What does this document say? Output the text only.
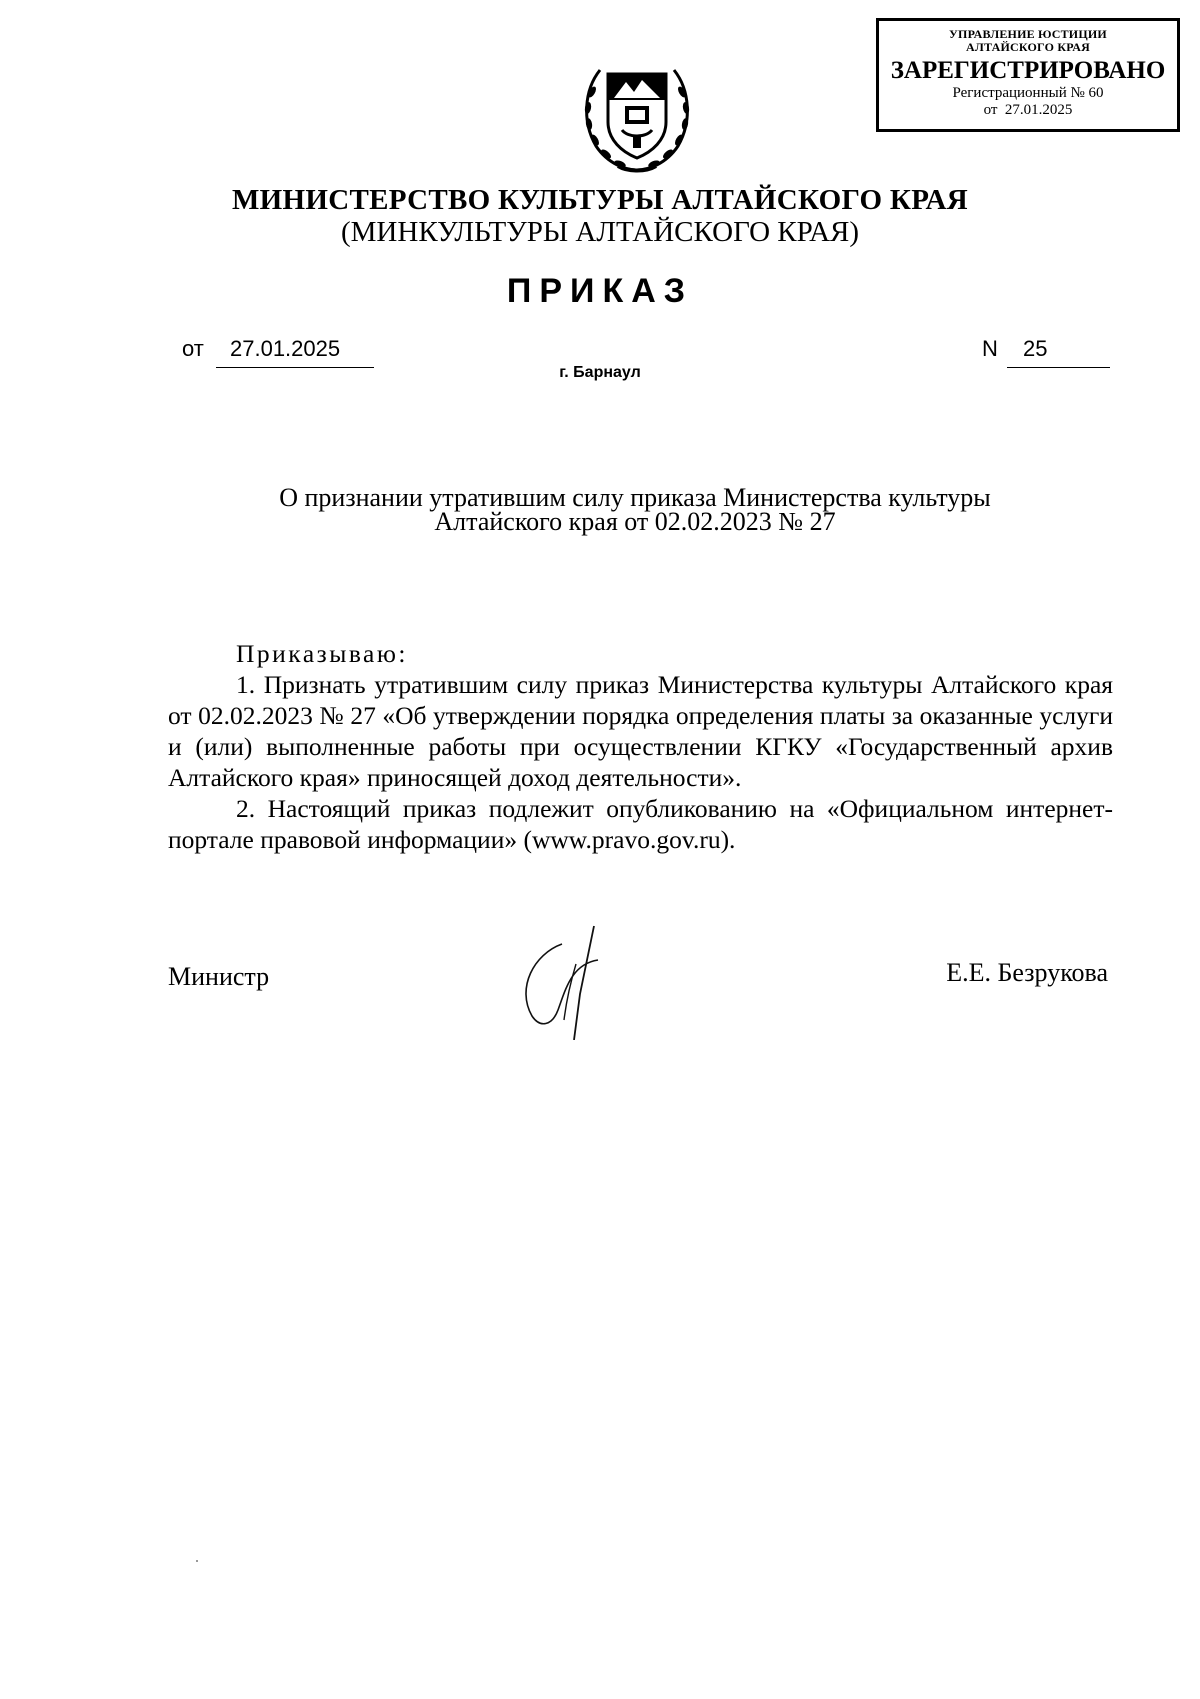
УПРАВЛЕНИЕ ЮСТИЦИИ
АЛТАЙСКОГО КРАЯ
ЗАРЕГИСТРИРОВАНО
Регистрационный № 60
от  27.01.2025
МИНИСТЕРСТВО КУЛЬТУРЫ АЛТАЙСКОГО КРАЯ
(МИНКУЛЬТУРЫ АЛТАЙСКОГО КРАЯ)
ПРИКАЗ
от	27.01.2025	N	25
г. Барнаул
О признании утратившим силу приказа Министерства культуры
Алтайского края от 02.02.2023 № 27
Приказываю:

1. Признать утратившим силу приказ Министерства культуры Алтайского края от 02.02.2023 № 27 «Об утверждении порядка определения платы за оказанные услуги и (или) выполненные работы при осуществлении КГКУ «Государственный архив Алтайского края» приносящей доход деятельности».

2. Настоящий приказ подлежит опубликованию на «Официальном интернет-портале правовой информации» (www.pravo.gov.ru).

Министр	Е.Е. Безрукова
